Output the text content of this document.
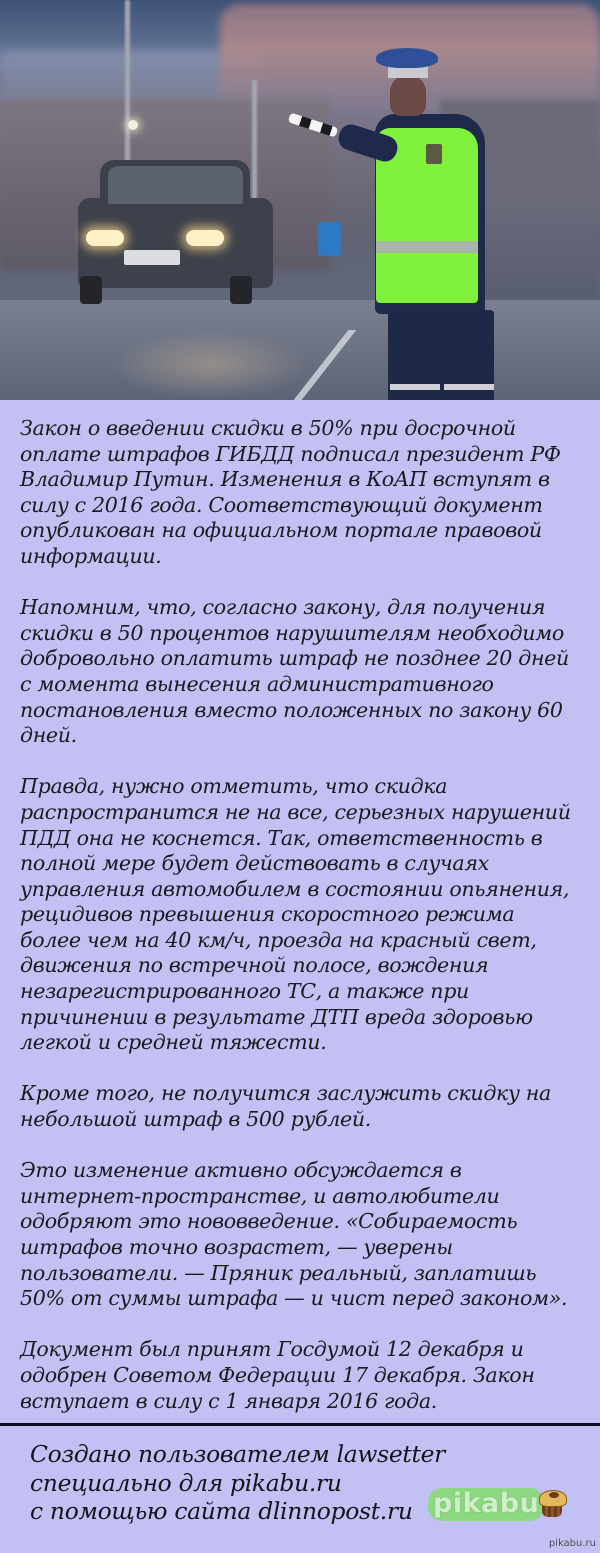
Закон о введении скидки в 50% при досрочной оплате штрафов ГИБДД подписал президент РФ Владимир Путин. Изменения в КоАП вступят в силу с 2016 года. Соответствующий документ опубликован на официальном портале правовой информации.

Напомним, что, согласно закону, для получения скидки в 50 процентов нарушителям необходимо добровольно оплатить штраф не позднее 20 дней с момента вынесения административного постановления вместо положенных по закону 60 дней.

Правда, нужно отметить, что скидка распространится не на все, серьезных нарушений ПДД она не коснется. Так, ответственность в полной мере будет действовать в случаях управления автомобилем в состоянии опьянения, рецидивов превышения скоростного режима более чем на 40 км/ч, проезда на красный свет, движения по встречной полосе, вождения незарегистрированного ТС, а также при причинении в результате ДТП вреда здоровью легкой и средней тяжести.

Кроме того, не получится заслужить скидку на небольшой штраф в 500 рублей.

Это изменение активно обсуждается в интернет-пространстве, и автолюбители одобряют это нововведение. «Собираемость штрафов точно возрастет, — уверены пользователи. — Пряник реальный, заплатишь 50% от суммы штрафа — и чист перед законом».

Документ был принят Госдумой 12 декабря и одобрен Советом Федерации 17 декабря. Закон вступает в силу с 1 января 2016 года.

Создано пользователем lawsetter
специально для pikabu.ru
с помощью сайта dlinnopost.ru pikabu
pikabu.ru
